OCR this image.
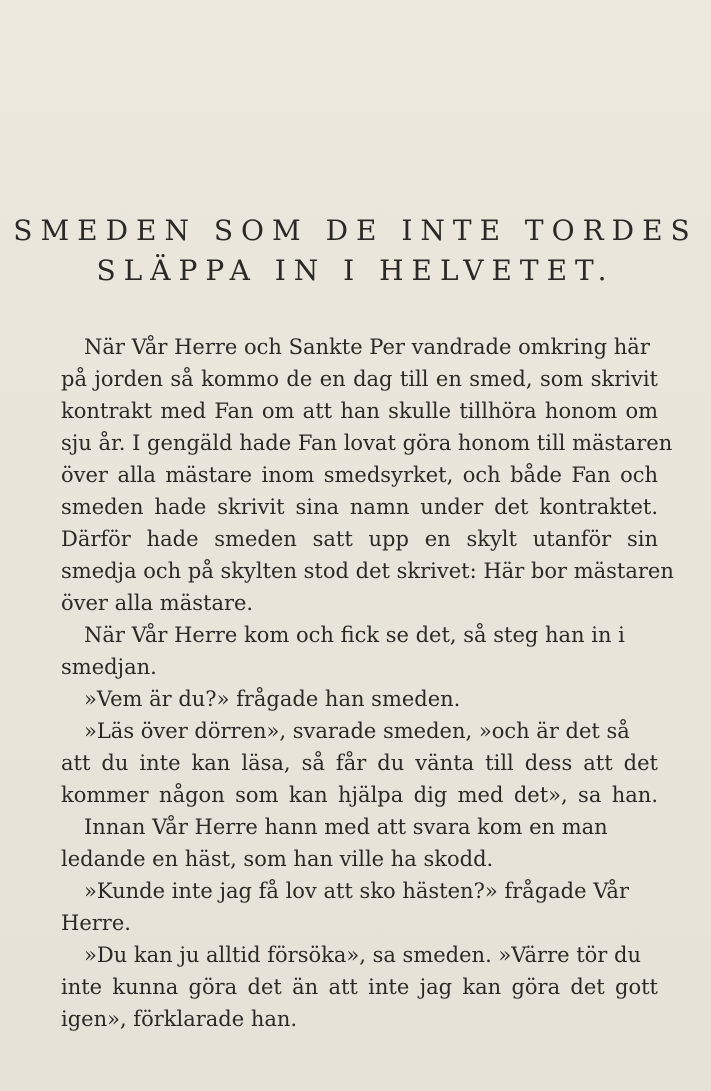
SMEDEN SOM DE INTE TORDES
SLÄPPA IN I HELVETET.
När Vår Herre och Sankte Per vandrade omkring här
på jorden så kommo de en dag till en smed, som skrivit
kontrakt med Fan om att han skulle tillhöra honom om
sju år. I gengäld hade Fan lovat göra honom till mästaren
över alla mästare inom smedsyrket, och både Fan och
smeden hade skrivit sina namn under det kontraktet.
Därför hade smeden satt upp en skylt utanför sin
smedja och på skylten stod det skrivet: Här bor mästaren
över alla mästare.
När Vår Herre kom och fick se det, så steg han in i
smedjan.
»Vem är du?» frågade han smeden.
»Läs över dörren», svarade smeden, »och är det så
att du inte kan läsa, så får du vänta till dess att det
kommer någon som kan hjälpa dig med det», sa han.
Innan Vår Herre hann med att svara kom en man
ledande en häst, som han ville ha skodd.
»Kunde inte jag få lov att sko hästen?» frågade Vår
Herre.
»Du kan ju alltid försöka», sa smeden. »Värre tör du
inte kunna göra det än att inte jag kan göra det gott
igen», förklarade han.
